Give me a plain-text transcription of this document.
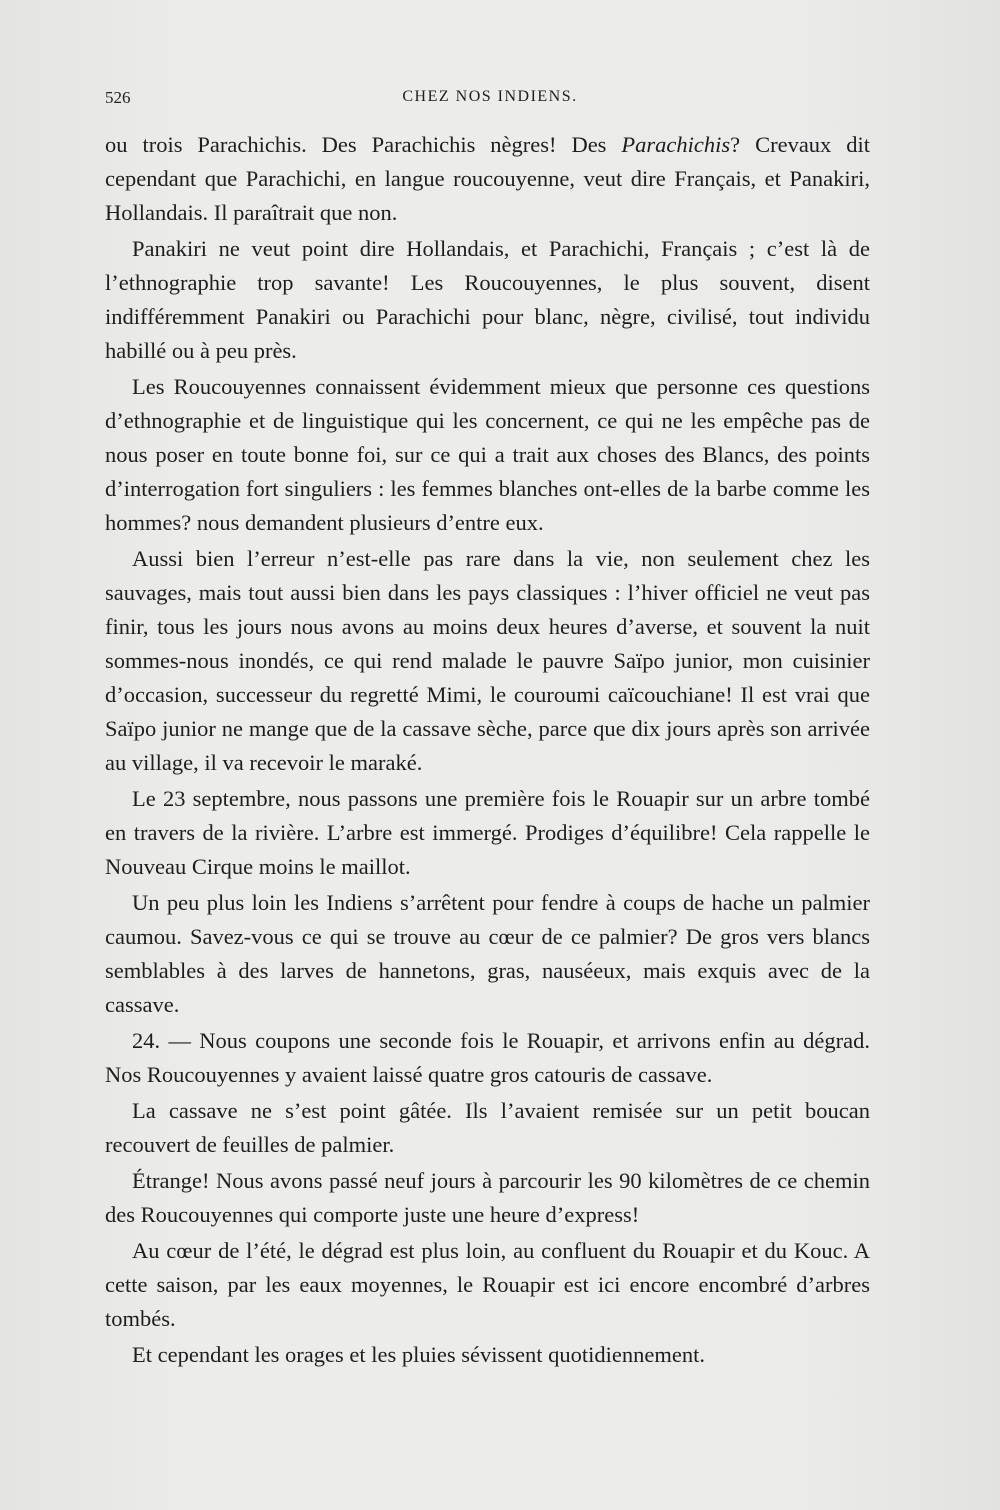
526	CHEZ NOS INDIENS.

ou trois Parachichis. Des Parachichis nègres! Des Parachichis? Crevaux dit cependant que Parachichi, en langue roucouyenne, veut dire Français, et Panakiri, Hollandais. Il paraîtrait que non.

Panakiri ne veut point dire Hollandais, et Parachichi, Français ; c’est là de l’ethnographie trop savante! Les Roucouyennes, le plus souvent, disent indifféremment Panakiri ou Parachichi pour blanc, nègre, civilisé, tout individu habillé ou à peu près.

Les Roucouyennes connaissent évidemment mieux que personne ces questions d’ethnographie et de linguistique qui les concernent, ce qui ne les empêche pas de nous poser en toute bonne foi, sur ce qui a trait aux choses des Blancs, des points d’interrogation fort singuliers : les femmes blanches ont-elles de la barbe comme les hommes? nous demandent plusieurs d’entre eux.

Aussi bien l’erreur n’est-elle pas rare dans la vie, non seulement chez les sauvages, mais tout aussi bien dans les pays classiques : l’hiver officiel ne veut pas finir, tous les jours nous avons au moins deux heures d’averse, et souvent la nuit sommes-nous inondés, ce qui rend malade le pauvre Saïpo junior, mon cuisinier d’occasion, successeur du regretté Mimi, le couroumi caïcouchiane! Il est vrai que Saïpo junior ne mange que de la cassave sèche, parce que dix jours après son arrivée au village, il va recevoir le maraké.

Le 23 septembre, nous passons une première fois le Rouapir sur un arbre tombé en travers de la rivière. L’arbre est immergé. Prodiges d’équilibre! Cela rappelle le Nouveau Cirque moins le maillot.

Un peu plus loin les Indiens s’arrêtent pour fendre à coups de hache un palmier caumou. Savez-vous ce qui se trouve au cœur de ce palmier? De gros vers blancs semblables à des larves de hannetons, gras, nauséeux, mais exquis avec de la cassave.

24. — Nous coupons une seconde fois le Rouapir, et arrivons enfin au dégrad. Nos Roucouyennes y avaient laissé quatre gros catouris de cassave.

La cassave ne s’est point gâtée. Ils l’avaient remisée sur un petit boucan recouvert de feuilles de palmier.

Étrange! Nous avons passé neuf jours à parcourir les 90 kilomètres de ce chemin des Roucouyennes qui comporte juste une heure d’express!

Au cœur de l’été, le dégrad est plus loin, au confluent du Rouapir et du Kouc. A cette saison, par les eaux moyennes, le Rouapir est ici encore encombré d’arbres tombés.

Et cependant les orages et les pluies sévissent quotidiennement.
